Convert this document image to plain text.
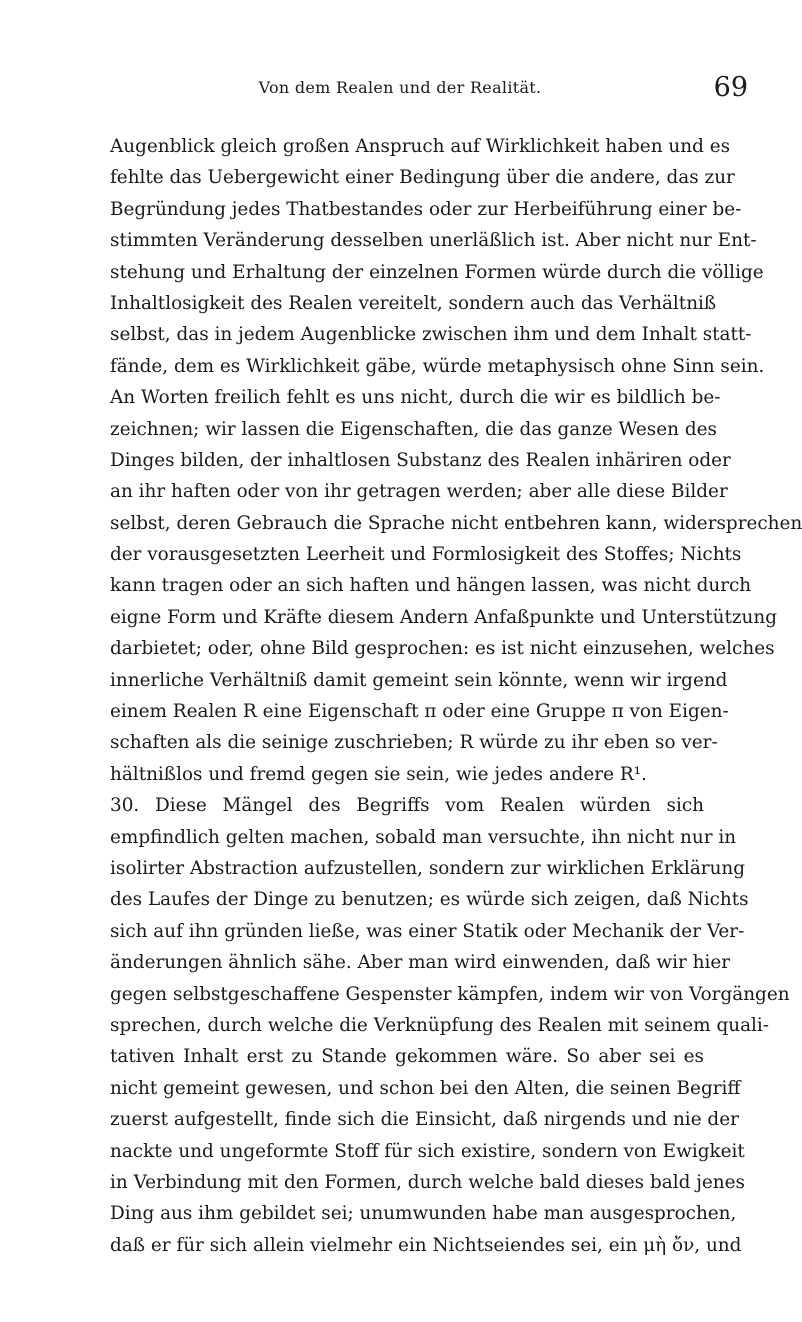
Von dem Realen und der Realität.	69
Augenblick gleich großen Anspruch auf Wirklichkeit haben und es
fehlte das Uebergewicht einer Bedingung über die andere, das zur
Begründung jedes Thatbestandes oder zur Herbeiführung einer be-
stimmten Veränderung desselben unerläßlich ist. Aber nicht nur Ent-
stehung und Erhaltung der einzelnen Formen würde durch die völlige
Inhaltlosigkeit des Realen vereitelt, sondern auch das Verhältniß
selbst, das in jedem Augenblicke zwischen ihm und dem Inhalt statt-
fände, dem es Wirklichkeit gäbe, würde metaphysisch ohne Sinn sein.
An Worten freilich fehlt es uns nicht, durch die wir es bildlich be-
zeichnen; wir lassen die Eigenschaften, die das ganze Wesen des
Dinges bilden, der inhaltlosen Substanz des Realen inhäriren oder
an ihr haften oder von ihr getragen werden; aber alle diese Bilder
selbst, deren Gebrauch die Sprache nicht entbehren kann, widersprechen
der vorausgesetzten Leerheit und Formlosigkeit des Stoffes; Nichts
kann tragen oder an sich haften und hängen lassen, was nicht durch
eigne Form und Kräfte diesem Andern Anfaßpunkte und Unterstützung
darbietet; oder, ohne Bild gesprochen: es ist nicht einzusehen, welches
innerliche Verhältniß damit gemeint sein könnte, wenn wir irgend
einem Realen R eine Eigenschaft π oder eine Gruppe π von Eigen-
schaften als die seinige zuschrieben; R würde zu ihr eben so ver-
hältnißlos und fremd gegen sie sein, wie jedes andere R¹.
30. Diese Mängel des Begriffs vom Realen würden sich
empfindlich gelten machen, sobald man versuchte, ihn nicht nur in
isolirter Abstraction aufzustellen, sondern zur wirklichen Erklärung
des Laufes der Dinge zu benutzen; es würde sich zeigen, daß Nichts
sich auf ihn gründen ließe, was einer Statik oder Mechanik der Ver-
änderungen ähnlich sähe. Aber man wird einwenden, daß wir hier
gegen selbstgeschaffene Gespenster kämpfen, indem wir von Vorgängen
sprechen, durch welche die Verknüpfung des Realen mit seinem quali-
tativen Inhalt erst zu Stande gekommen wäre. So aber sei es
nicht gemeint gewesen, und schon bei den Alten, die seinen Begriff
zuerst aufgestellt, finde sich die Einsicht, daß nirgends und nie der
nackte und ungeformte Stoff für sich existire, sondern von Ewigkeit
in Verbindung mit den Formen, durch welche bald dieses bald jenes
Ding aus ihm gebildet sei; unumwunden habe man ausgesprochen,
daß er für sich allein vielmehr ein Nichtseiendes sei, ein μὴ ὄν, und
